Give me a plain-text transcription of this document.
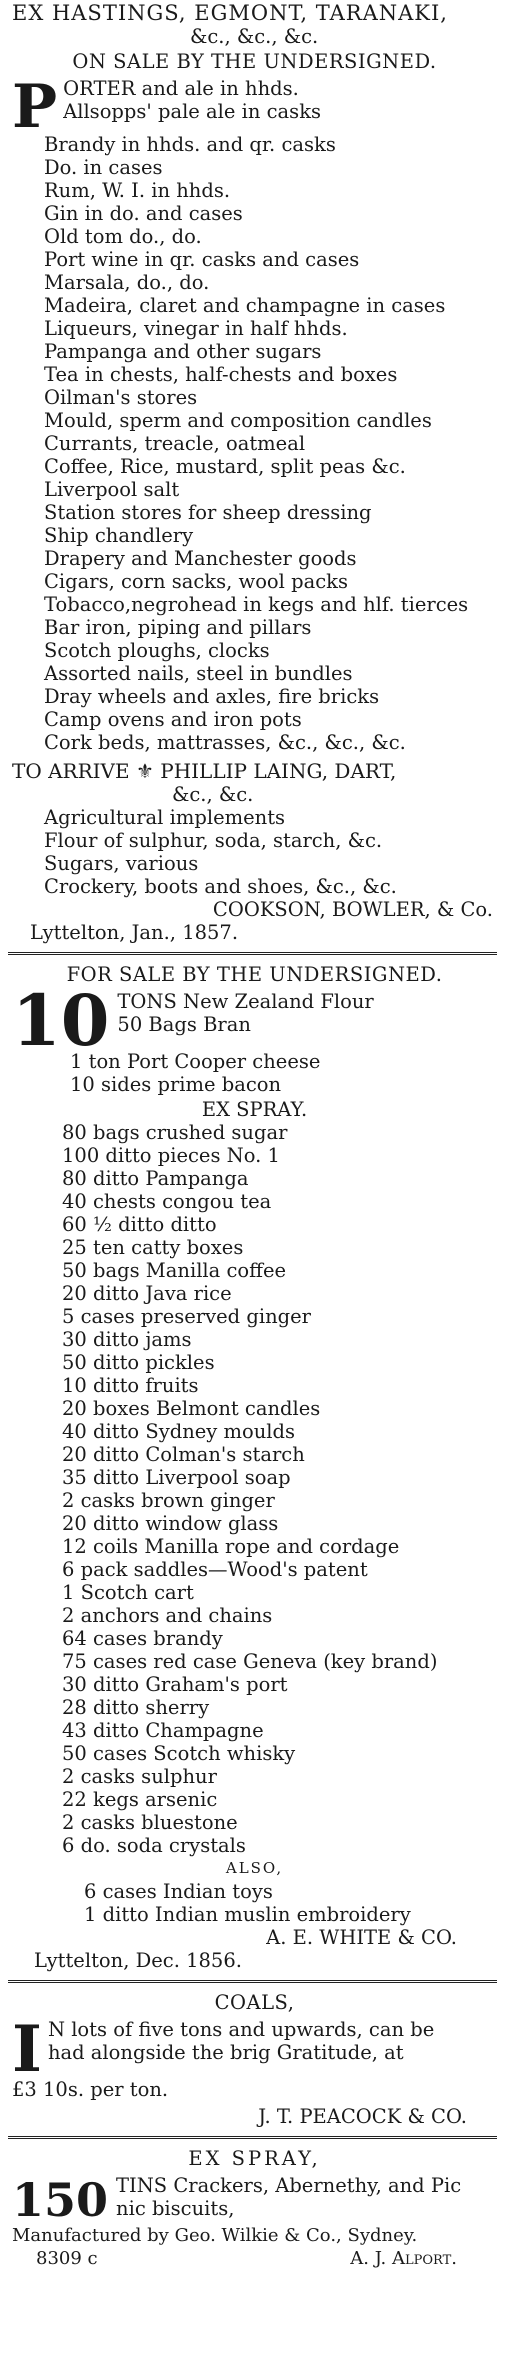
EX HASTINGS, EGMONT, TARANAKI,
&c., &c., &c.
ON SALE BY THE UNDERSIGNED.
P ORTER and ale in hhds.
Allsopps' pale ale in casks
Brandy in hhds. and qr. casks
Do. in cases
Rum, W. I. in hhds.
Gin in do. and cases
Old tom do., do.
Port wine in qr. casks and cases
Marsala, do., do.
Madeira, claret and champagne in cases
Liqueurs, vinegar in half hhds.
Pampanga and other sugars
Tea in chests, half-chests and boxes
Oilman's stores
Mould, sperm and composition candles
Currants, treacle, oatmeal
Coffee, Rice, mustard, split peas &c.
Liverpool salt
Station stores for sheep dressing
Ship chandlery
Drapery and Manchester goods
Cigars, corn sacks, wool packs
Tobacco,negrohead in kegs and hlf. tierces
Bar iron, piping and pillars
Scotch ploughs, clocks
Assorted nails, steel in bundles
Dray wheels and axles, fire bricks
Camp ovens and iron pots
Cork beds, mattrasses, &c., &c., &c.
TO ARRIVE ⚜ PHILLIP LAING, DART,
&c., &c.
Agricultural implements
Flour of sulphur, soda, starch, &c.
Sugars, various
Crockery, boots and shoes, &c., &c.
COOKSON, BOWLER, & Co.
Lyttelton, Jan., 1857.
FOR SALE BY THE UNDERSIGNED.
10 TONS New Zealand Flour
50 Bags Bran
1 ton Port Cooper cheese
10 sides prime bacon
EX SPRAY.
80 bags crushed sugar
100 ditto pieces No. 1
80 ditto Pampanga
40 chests congou tea
60 ½ ditto ditto
25 ten catty boxes
50 bags Manilla coffee
20 ditto Java rice
5 cases preserved ginger
30 ditto jams
50 ditto pickles
10 ditto fruits
20 boxes Belmont candles
40 ditto Sydney moulds
20 ditto Colman's starch
35 ditto Liverpool soap
2 casks brown ginger
20 ditto window glass
12 coils Manilla rope and cordage
6 pack saddles—Wood's patent
1 Scotch cart
2 anchors and chains
64 cases brandy
75 cases red case Geneva (key brand)
30 ditto Graham's port
28 ditto sherry
43 ditto Champagne
50 cases Scotch whisky
2 casks sulphur
22 kegs arsenic
2 casks bluestone
6 do. soda crystals
ALSO,
6 cases Indian toys
1 ditto Indian muslin embroidery
A. E. WHITE & CO.
Lyttelton, Dec. 1856.
COALS,
I N lots of five tons and upwards, can be
had alongside the brig Gratitude, at
£3 10s. per ton.
J. T. PEACOCK & CO.
EX SPRAY,
150 TINS Crackers, Abernethy, and Pic
nic biscuits,
Manufactured by Geo. Wilkie & Co., Sydney.
8309 c	A. J. Alport.
